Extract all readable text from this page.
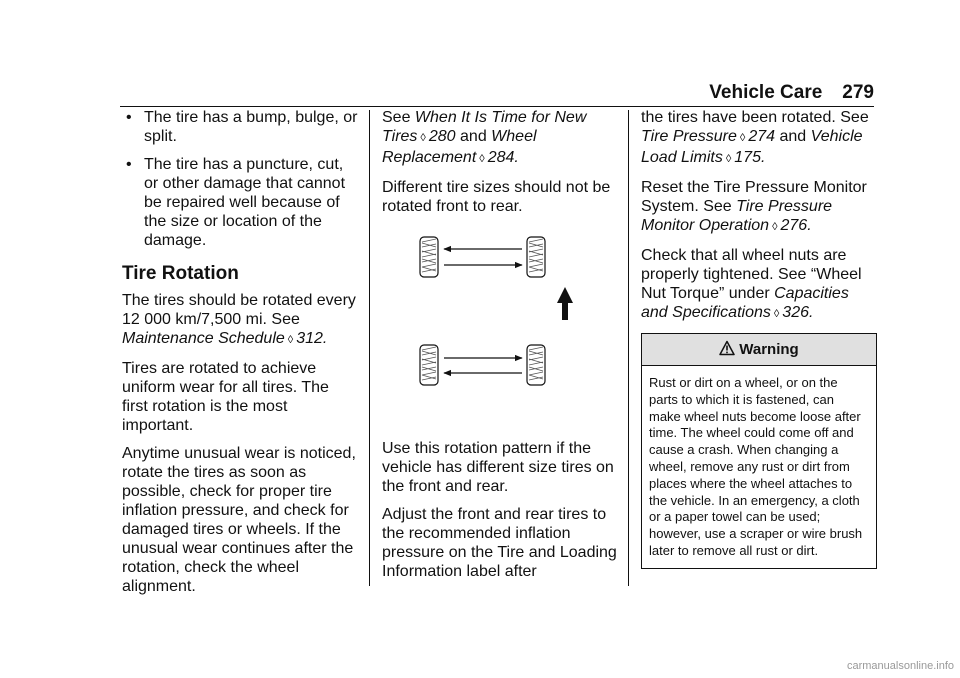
Vehicle Care 279

• The tire has a bump, bulge, or split.

• The tire has a puncture, cut, or other damage that cannot be repaired well because of the size or location of the damage.

Tire Rotation

The tires should be rotated every 12 000 km/7,500 mi. See Maintenance Schedule ◊ 312.

Tires are rotated to achieve uniform wear for all tires. The first rotation is the most important.

Anytime unusual wear is noticed, rotate the tires as soon as possible, check for proper tire inflation pressure, and check for damaged tires or wheels. If the unusual wear continues after the rotation, check the wheel alignment.

See When It Is Time for New Tires ◊ 280 and Wheel Replacement ◊ 284.

Different tire sizes should not be rotated front to rear.

Use this rotation pattern if the vehicle has different size tires on the front and rear.

Adjust the front and rear tires to the recommended inflation pressure on the Tire and Loading Information label after

the tires have been rotated. See Tire Pressure ◊ 274 and Vehicle Load Limits ◊ 175.

Reset the Tire Pressure Monitor System. See Tire Pressure Monitor Operation ◊ 276.

Check that all wheel nuts are properly tightened. See “Wheel Nut Torque” under Capacities and Specifications ◊ 326.

Warning
Rust or dirt on a wheel, or on the parts to which it is fastened, can make wheel nuts become loose after time. The wheel could come off and cause a crash. When changing a wheel, remove any rust or dirt from places where the wheel attaches to the vehicle. In an emergency, a cloth or a paper towel can be used; however, use a scraper or wire brush later to remove all rust or dirt.
carmanualsonline.info
